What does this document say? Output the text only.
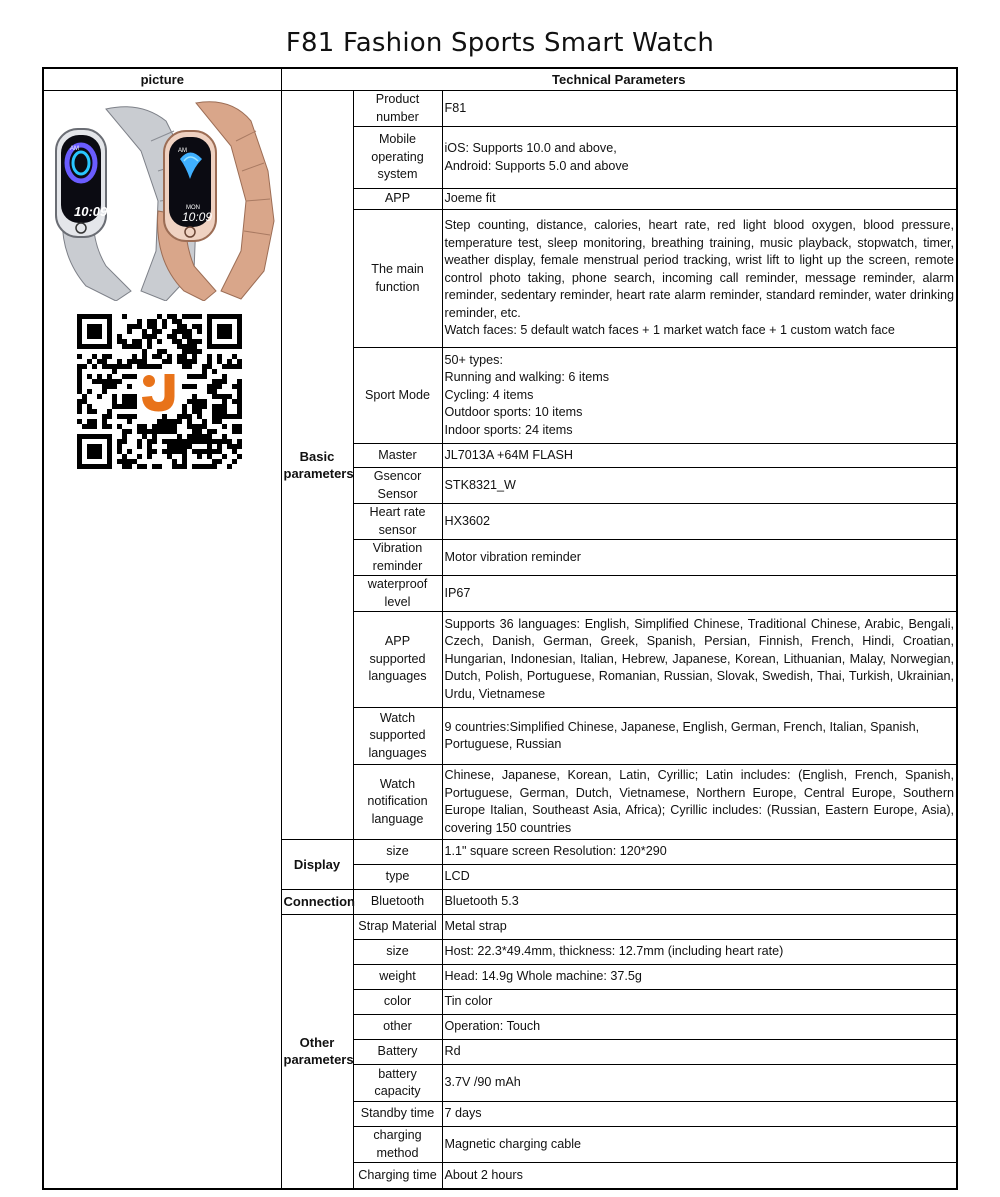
F81 Fashion Sports Smart Watch
picture	Technical Parameters		

10:09
AM
MON
10:09
AM	Basic parameters	Product number	F81
		Mobile operating system	iOS: Supports 10.0 and above,
Android: Supports 5.0 and above
		APP	Joeme fit
		The main function	Step counting, distance, calories, heart rate, red light blood oxygen, blood pressure, temperature test, sleep monitoring, breathing training, music playback, stopwatch, timer, weather display, female menstrual period tracking, wrist lift to light up the screen, remote control photo taking, phone search, incoming call reminder, message reminder, alarm reminder, sedentary reminder, heart rate alarm reminder, standard reminder, water drinking reminder, etc.
Watch faces: 5 default watch faces + 1 market watch face + 1 custom watch face
		Sport Mode	50+ types:
Running and walking: 6 items
Cycling: 4 items
Outdoor sports: 10 items
Indoor sports: 24 items
		Master	JL7013A +64M FLASH
		Gsencor Sensor	STK8321_W
		Heart rate sensor	HX3602
		Vibration reminder	Motor vibration reminder
		waterproof level	IP67
		APP supported languages	Supports 36 languages: English, Simplified Chinese, Traditional Chinese, Arabic, Bengali, Czech, Danish, German, Greek, Spanish, Persian, Finnish, French, Hindi, Croatian, Hungarian, Indonesian, Italian, Hebrew, Japanese, Korean, Lithuanian, Malay, Norwegian, Dutch, Polish, Portuguese, Romanian, Russian, Slovak, Swedish, Thai, Turkish, Ukrainian, Urdu, Vietnamese
		Watch supported languages	9 countries:Simplified Chinese, Japanese, English, German, French, Italian, Spanish, Portuguese, Russian
		Watch notification language	Chinese, Japanese, Korean, Latin, Cyrillic; Latin includes: (English, French, Spanish, Portuguese, German, Dutch, Vietnamese, Northern Europe, Central Europe, Southern Europe Italian, Southeast Asia, Africa); Cyrillic includes: (Russian, Eastern Europe, Asia), covering 150 countries
	Display	size	1.1" square screen Resolution: 120*290
		type	LCD
	Connection	Bluetooth	Bluetooth 5.3
	Other parameters	Strap Material	Metal strap
		size	Host: 22.3*49.4mm, thickness: 12.7mm (including heart rate)
		weight	Head: 14.9g Whole machine: 37.5g
		color	Tin color
		other	Operation: Touch
		Battery	Rd
		battery capacity	3.7V /90 mAh
		Standby time	7 days
		charging method	Magnetic charging cable
		Charging time	About 2 hours
